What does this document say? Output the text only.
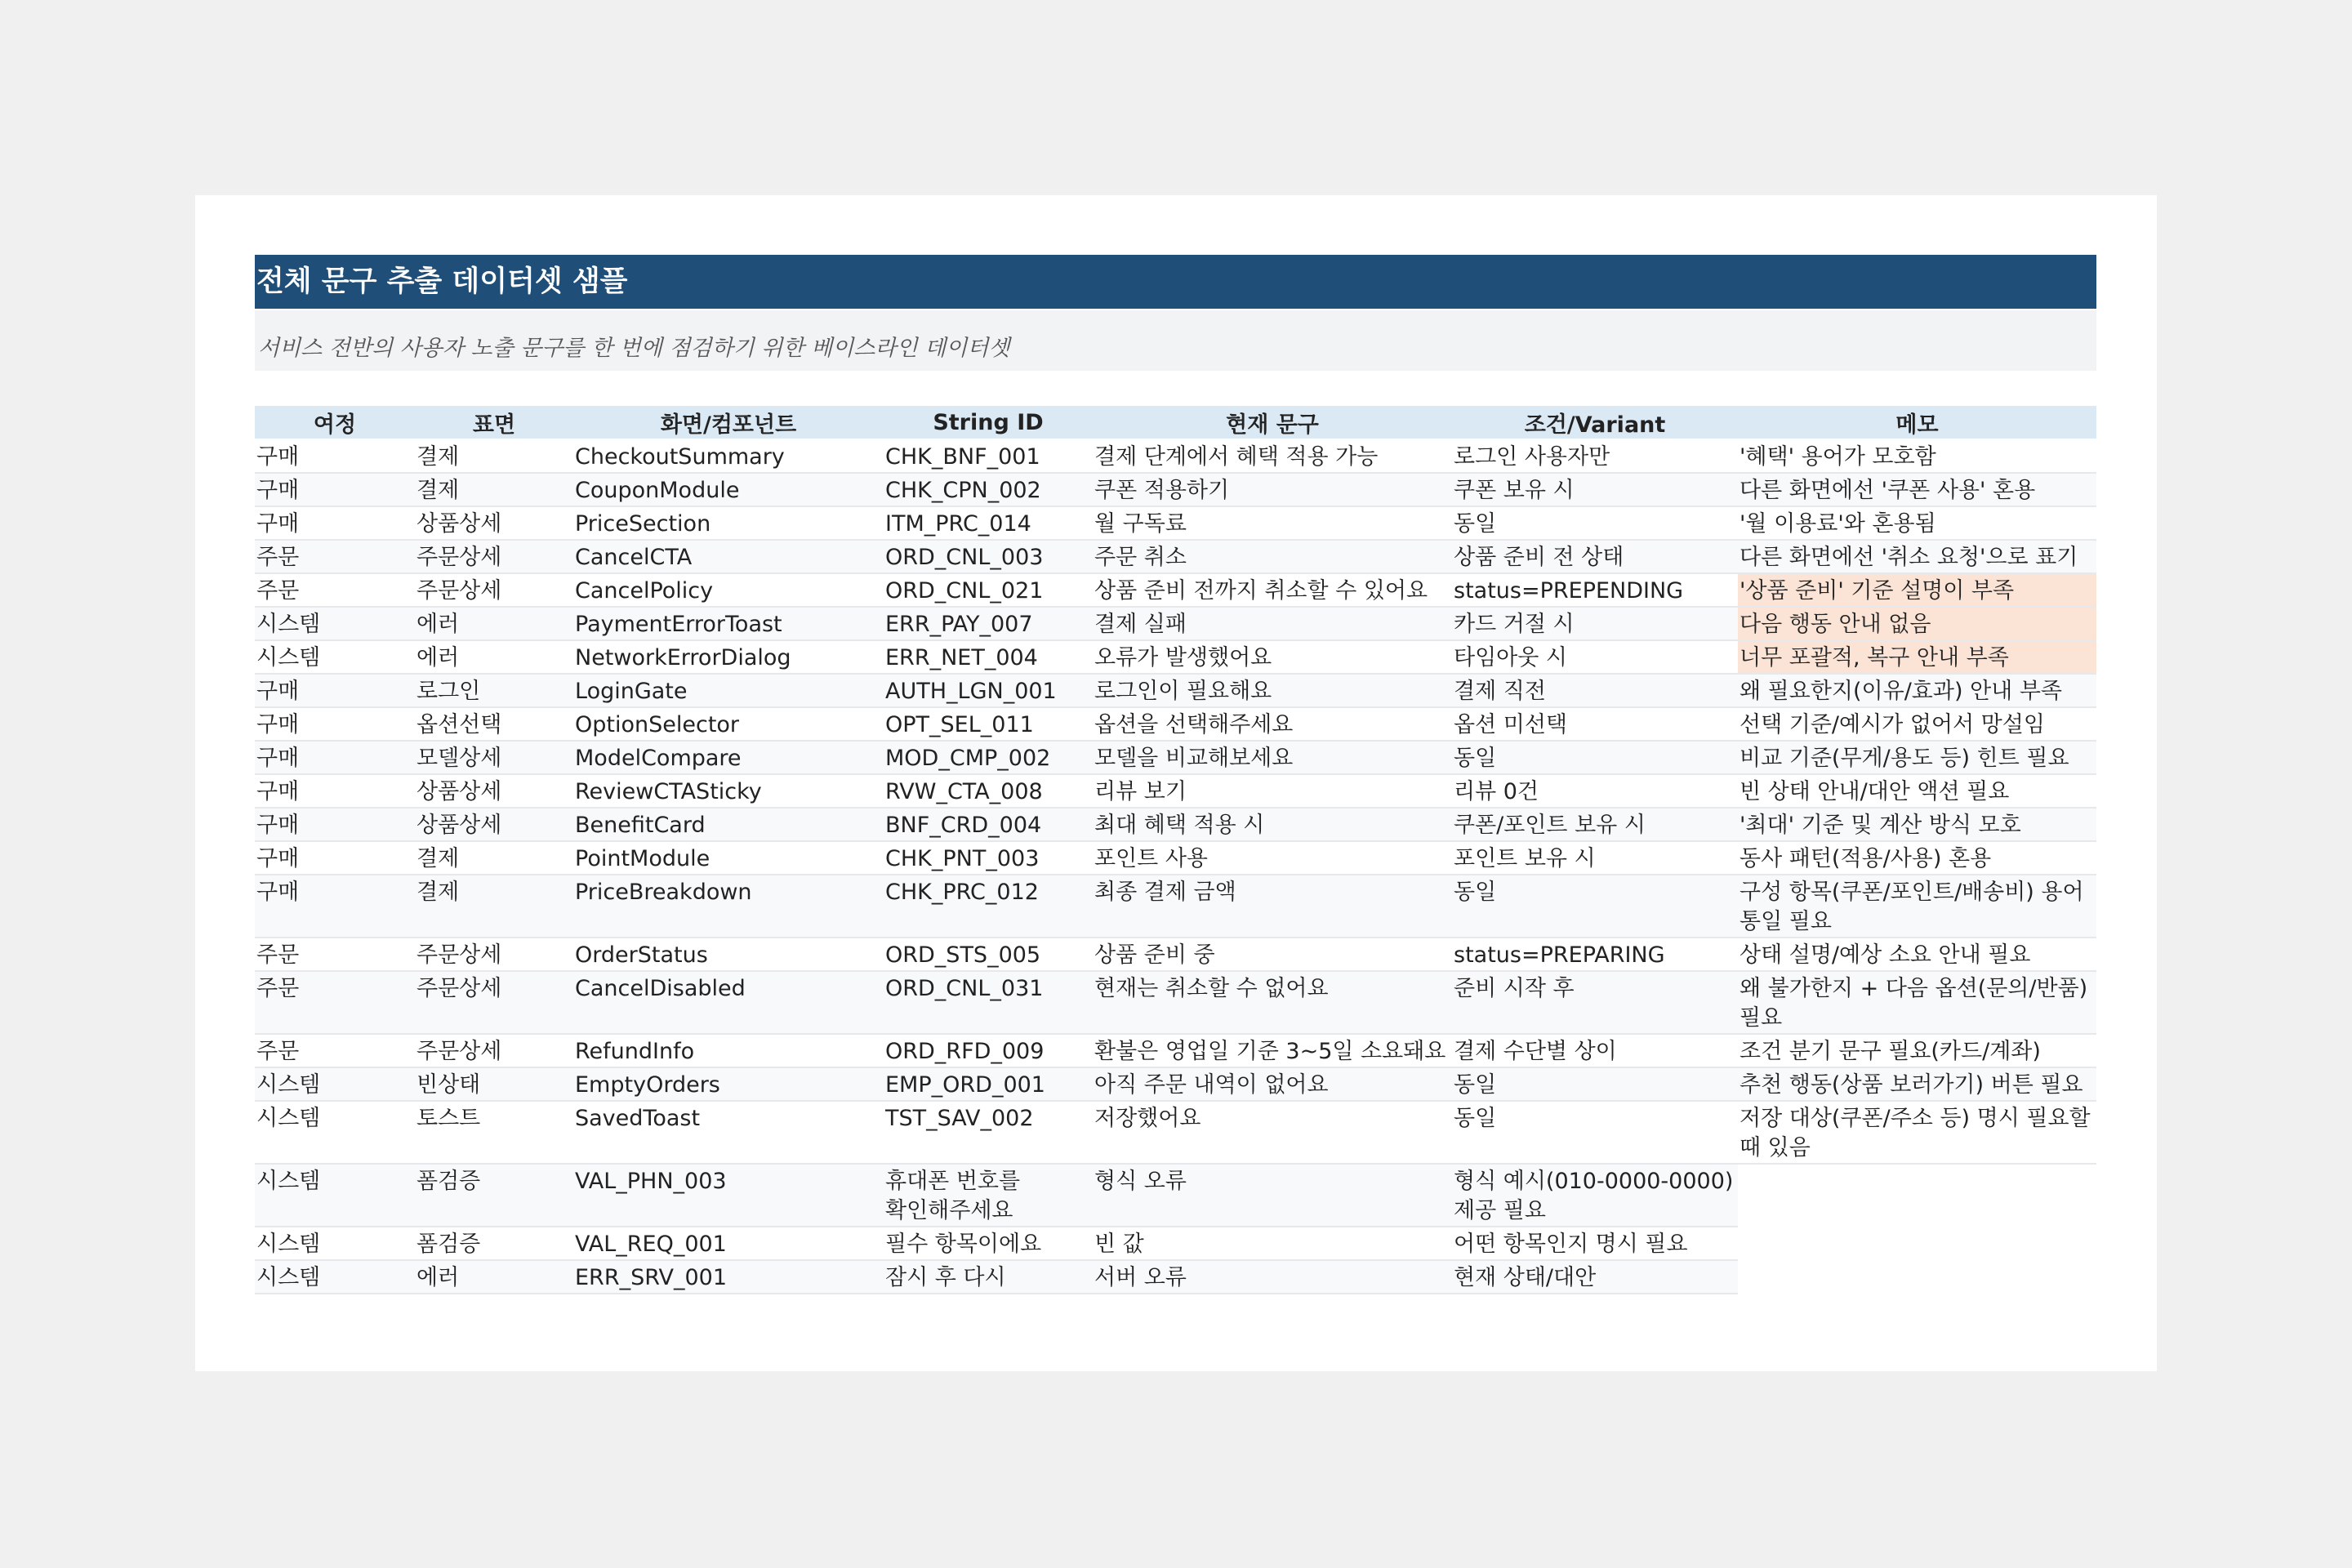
전체 문구 추출 데이터셋 샘플
서비스 전반의 사용자 노출 문구를 한 번에 점검하기 위한 베이스라인 데이터셋
여정	표면	화면/컴포넌트	String ID	현재 문구	조건/Variant	메모
구매	결제	CheckoutSummary	CHK_BNF_001	결제 단계에서 혜택 적용 가능	로그인 사용자만	'혜택' 용어가 모호함
구매	결제	CouponModule	CHK_CPN_002	쿠폰 적용하기	쿠폰 보유 시	다른 화면에선 '쿠폰 사용' 혼용
구매	상품상세	PriceSection	ITM_PRC_014	월 구독료	동일	'월 이용료'와 혼용됨
주문	주문상세	CancelCTA	ORD_CNL_003	주문 취소	상품 준비 전 상태	다른 화면에선 '취소 요청'으로 표기
주문	주문상세	CancelPolicy	ORD_CNL_021	상품 준비 전까지 취소할 수 있어요	status=PREPENDING	'상품 준비' 기준 설명이 부족
시스템	에러	PaymentErrorToast	ERR_PAY_007	결제 실패	카드 거절 시	다음 행동 안내 없음
시스템	에러	NetworkErrorDialog	ERR_NET_004	오류가 발생했어요	타임아웃 시	너무 포괄적, 복구 안내 부족
구매	로그인	LoginGate	AUTH_LGN_001	로그인이 필요해요	결제 직전	왜 필요한지(이유/효과) 안내 부족
구매	옵션선택	OptionSelector	OPT_SEL_011	옵션을 선택해주세요	옵션 미선택	선택 기준/예시가 없어서 망설임
구매	모델상세	ModelCompare	MOD_CMP_002	모델을 비교해보세요	동일	비교 기준(무게/용도 등) 힌트 필요
구매	상품상세	ReviewCTASticky	RVW_CTA_008	리뷰 보기	리뷰 0건	빈 상태 안내/대안 액션 필요
구매	상품상세	BenefitCard	BNF_CRD_004	최대 혜택 적용 시	쿠폰/포인트 보유 시	'최대' 기준 및 계산 방식 모호
구매	결제	PointModule	CHK_PNT_003	포인트 사용	포인트 보유 시	동사 패턴(적용/사용) 혼용
구매	결제	PriceBreakdown	CHK_PRC_012	최종 결제 금액	동일	구성 항목(쿠폰/포인트/배송비) 용어 통일 필요
주문	주문상세	OrderStatus	ORD_STS_005	상품 준비 중	status=PREPARING	상태 설명/예상 소요 안내 필요
주문	주문상세	CancelDisabled	ORD_CNL_031	현재는 취소할 수 없어요	준비 시작 후	왜 불가한지 + 다음 옵션(문의/반품) 필요
주문	주문상세	RefundInfo	ORD_RFD_009	환불은 영업일 기준 3~5일 소요돼요	결제 수단별 상이	조건 분기 문구 필요(카드/계좌)
시스템	빈상태	EmptyOrders	EMP_ORD_001	아직 주문 내역이 없어요	동일	추천 행동(상품 보러가기) 버튼 필요
시스템	토스트	SavedToast	TST_SAV_002	저장했어요	동일	저장 대상(쿠폰/주소 등) 명시 필요할 때 있음
시스템	폼검증	VAL_PHN_003	휴대폰 번호를 확인해주세요	형식 오류	형식 예시(010-0000-0000) 제공 필요	
시스템	폼검증	VAL_REQ_001	필수 항목이에요	빈 값	어떤 항목인지 명시 필요	
시스템	에러	ERR_SRV_001	잠시 후 다시	서버 오류	현재 상태/대안	
